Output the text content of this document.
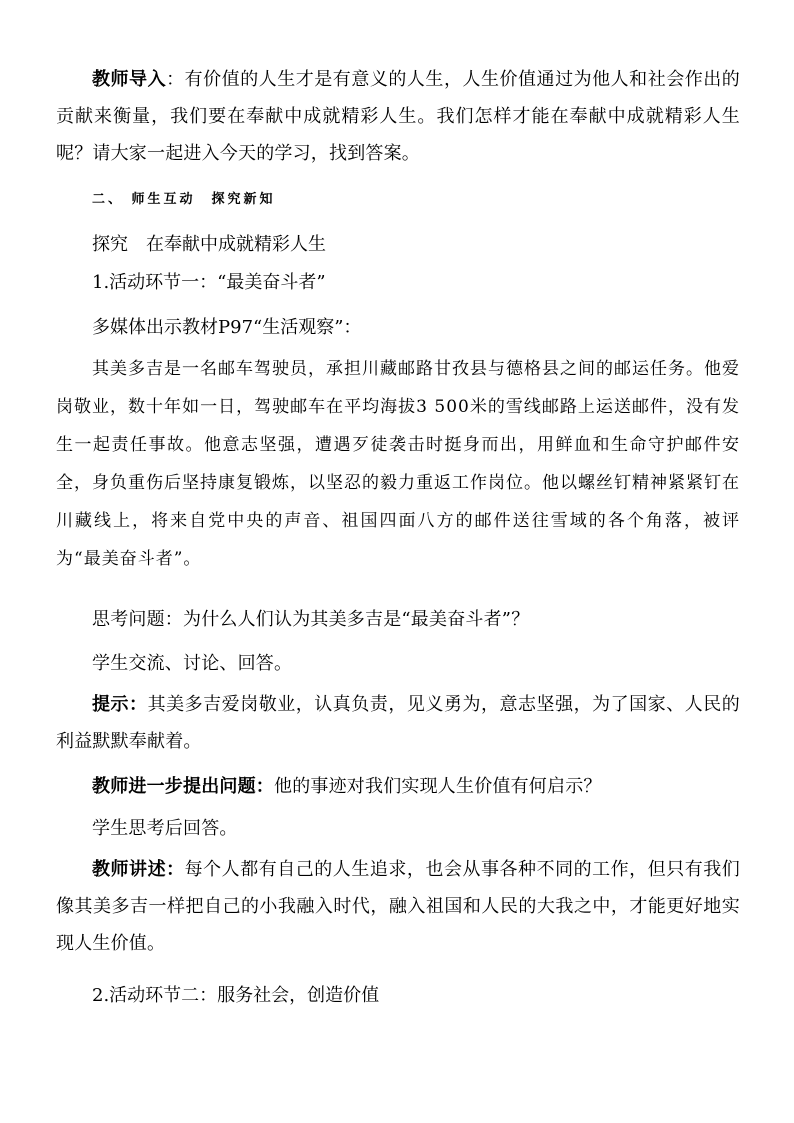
教师导入：有价值的人生才是有意义的人生，人生价值通过为他人和社会作出的贡献来衡量，我们要在奉献中成就精彩人生。我们怎样才能在奉献中成就精彩人生呢？请大家一起进入今天的学习，找到答案。

二、 师生互动　探究新知

探究　在奉献中成就精彩人生

1.活动环节一：“最美奋斗者”

多媒体出示教材P97“生活观察”：

其美多吉是一名邮车驾驶员，承担川藏邮路甘孜县与德格县之间的邮运任务。他爱岗敬业，数十年如一日，驾驶邮车在平均海拔3 500米的雪线邮路上运送邮件，没有发生一起责任事故。他意志坚强，遭遇歹徒袭击时挺身而出，用鲜血和生命守护邮件安全，身负重伤后坚持康复锻炼，以坚忍的毅力重返工作岗位。他以螺丝钉精神紧紧钉在川藏线上，将来自党中央的声音、祖国四面八方的邮件送往雪域的各个角落，被评为“最美奋斗者”。

思考问题：为什么人们认为其美多吉是“最美奋斗者”？

学生交流、讨论、回答。

提示：其美多吉爱岗敬业，认真负责，见义勇为，意志坚强，为了国家、人民的利益默默奉献着。

教师进一步提出问题：他的事迹对我们实现人生价值有何启示？

学生思考后回答。

教师讲述：每个人都有自己的人生追求，也会从事各种不同的工作，但只有我们像其美多吉一样把自己的小我融入时代，融入祖国和人民的大我之中，才能更好地实现人生价值。

2.活动环节二：服务社会，创造价值
